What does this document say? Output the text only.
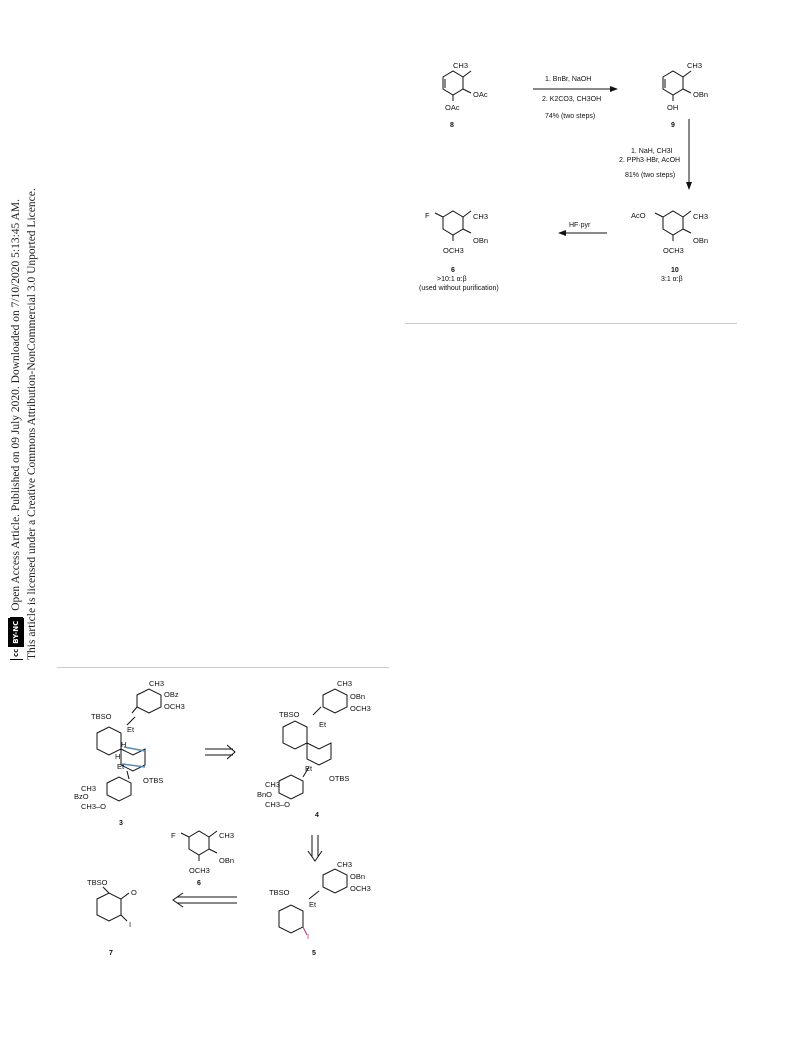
cc
BY-NC
Open Access Article. Published on 09 July 2020. Downloaded on 7/10/2020 5:13:45 AM. This article is licensed under a Creative Commons Attribution-NonCommercial 3.0 Unported Licence.
CH3
OAc
OAc
8
1. BnBr, NaOH
2. K2CO3, CH3OH
74% (two steps)
CH3
OBn
OH
9
1. NaH, CH3I
2. PPh3·HBr, AcOH
81% (two steps)
AcO	CH3
OBn
OCH3
10
3:1 α:β
HF·pyr
F	CH3
OBn
OCH3
6
>10:1 α:β
(used without purification)
CH3
OBz
OCH3
TBSO
Et
H
H
Et
OTBS
CH3
BzO
CH3–O
3
CH3
OBn
OCH3
TBSO
Et
Et
OTBS
CH3
BnO
CH3–O
4
F	CH3
OBn
OCH3
6
CH3
OBn
OCH3
TBSO
Et
I
5
TBSO
O
I
7
